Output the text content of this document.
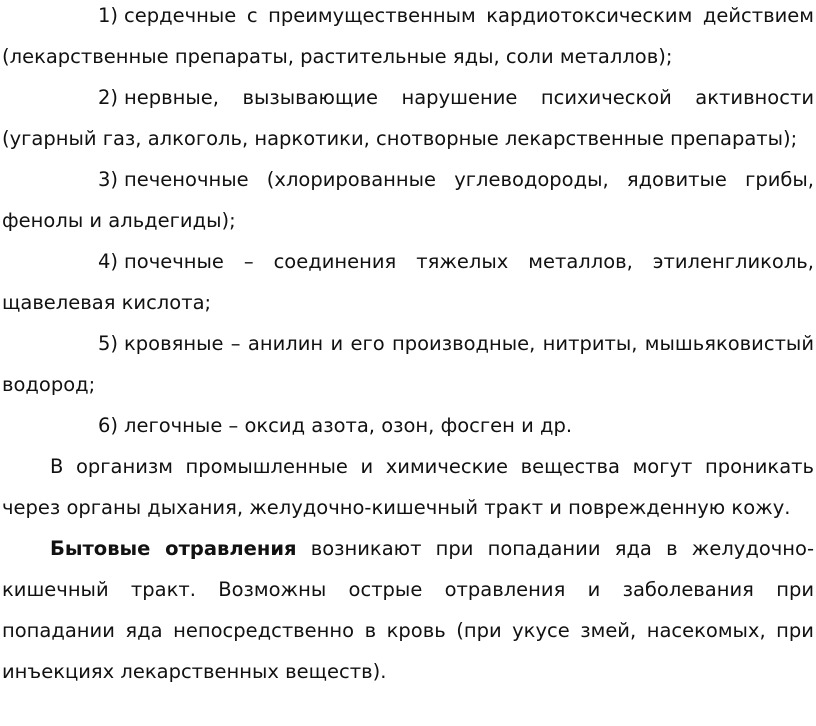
1) сердечные с преимущественным кардиотоксическим действием (лекарственные препараты, растительные яды, соли металлов);

2) нервные, вызывающие нарушение психической активности (угарный газ, алкоголь, наркотики, снотворные лекарственные препараты);

3) печеночные (хлорированные углеводороды, ядовитые грибы, фенолы и альдегиды);

4) почечные – соединения тяжелых металлов, этиленгликоль, щавелевая кислота;

5) кровяные – анилин и его производные, нитриты, мышьяковистый водород;

6) легочные – оксид азота, озон, фосген и др.

В организм промышленные и химические вещества могут проникать через органы дыхания, желудочно-кишечный тракт и поврежденную кожу.

Бытовые отравления возникают при попадании яда в желудочно-кишечный тракт. Возможны острые отравления и заболевания при попадании яда непосредственно в кровь (при укусе змей, насекомых, при инъекциях лекарственных веществ).
